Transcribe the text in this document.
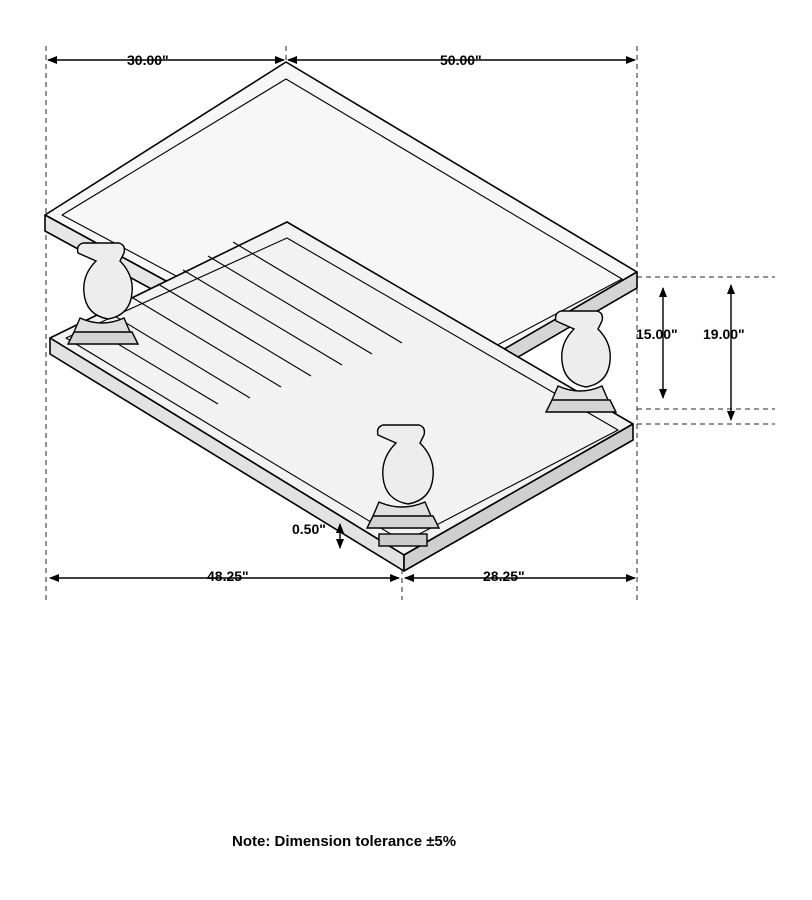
30.00"	50.00"
15.00" 19.00"
0.50"
48.25"	28.25"
Note: Dimension tolerance ±5%
